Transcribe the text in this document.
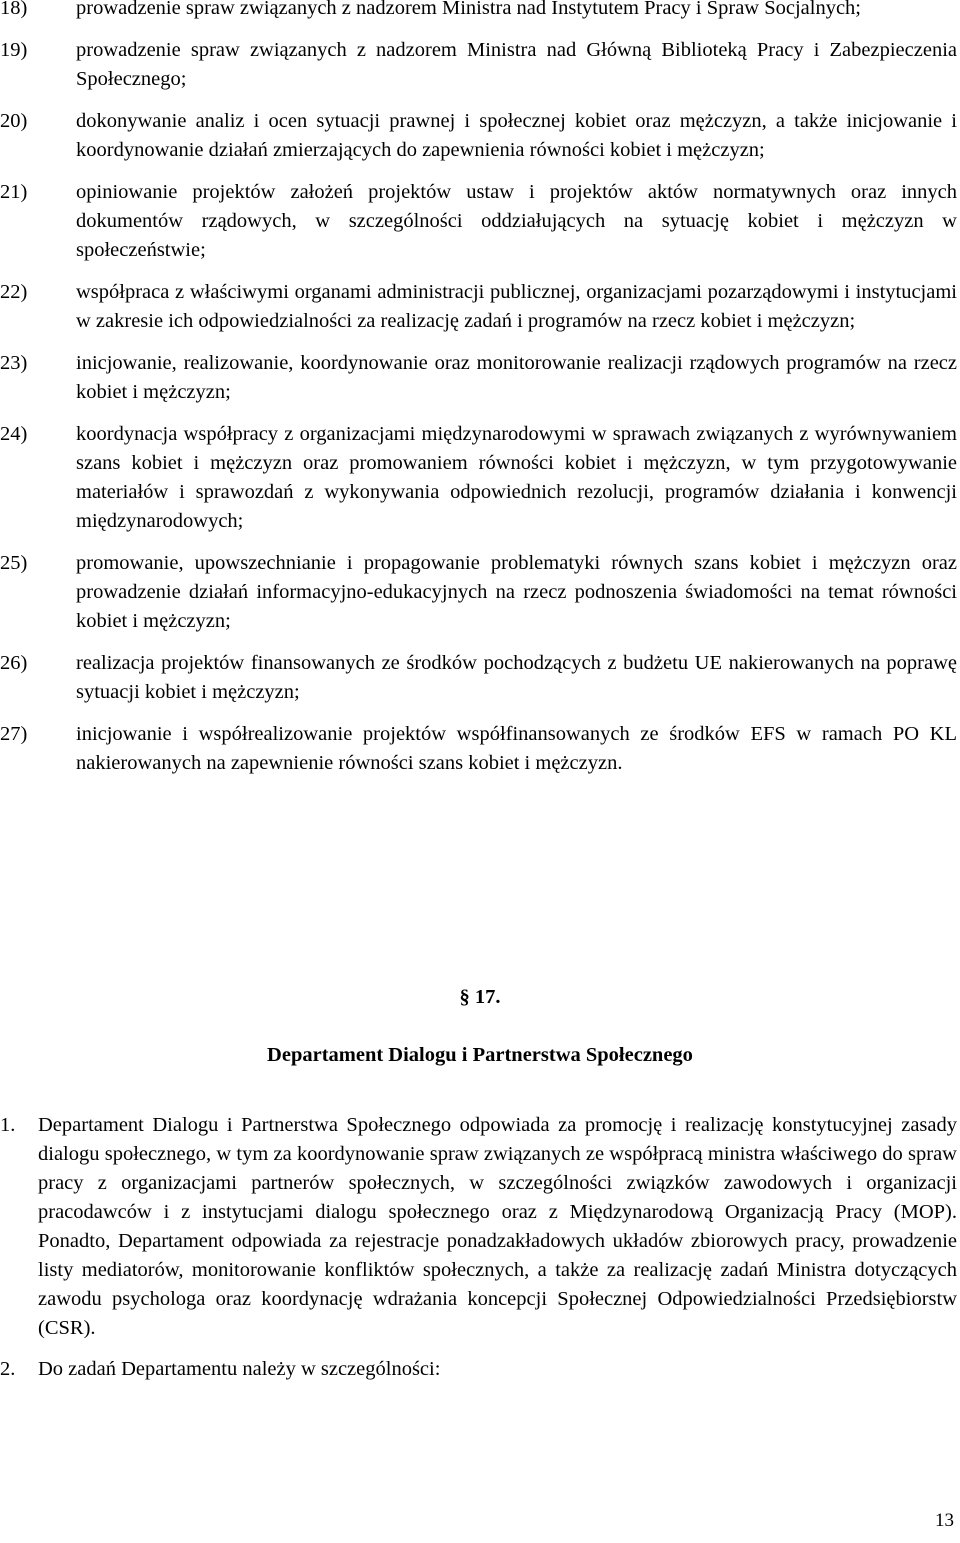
18)	prowadzenie spraw związanych z nadzorem Ministra nad Instytutem Pracy i Spraw Socjalnych;
19)	prowadzenie spraw związanych z nadzorem Ministra nad Główną Biblioteką Pracy i Zabezpieczenia Społecznego;
20)	dokonywanie analiz i ocen sytuacji prawnej i społecznej kobiet oraz mężczyzn, a także inicjowanie i koordynowanie działań zmierzających do zapewnienia równości kobiet i mężczyzn;
21)	opiniowanie projektów założeń projektów ustaw i projektów aktów normatywnych oraz innych dokumentów rządowych, w szczególności oddziałujących na sytuację kobiet i mężczyzn w społeczeństwie;
22)	współpraca z właściwymi organami administracji publicznej, organizacjami pozarządowymi i instytucjami w zakresie ich odpowiedzialności za realizację zadań i programów na rzecz kobiet i mężczyzn;
23)	inicjowanie, realizowanie, koordynowanie oraz monitorowanie realizacji rządowych programów na rzecz kobiet i mężczyzn;
24)	koordynacja współpracy z organizacjami międzynarodowymi w sprawach związanych z wyrównywaniem szans kobiet i mężczyzn oraz promowaniem równości kobiet i mężczyzn, w tym przygotowywanie materiałów i sprawozdań z wykonywania odpowiednich rezolucji, programów działania i konwencji międzynarodowych;
25)	promowanie, upowszechnianie i propagowanie problematyki równych szans kobiet i mężczyzn oraz prowadzenie działań informacyjno-edukacyjnych na rzecz podnoszenia świadomości na temat równości kobiet i mężczyzn;
26)	realizacja projektów finansowanych ze środków pochodzących z budżetu UE nakierowanych na poprawę sytuacji kobiet i mężczyzn;
27)	inicjowanie i współrealizowanie projektów współfinansowanych ze środków EFS w ramach PO KL nakierowanych na zapewnienie równości szans kobiet i mężczyzn.
§ 17.
Departament Dialogu i Partnerstwa Społecznego
1.	Departament Dialogu i Partnerstwa Społecznego odpowiada za promocję i realizację konstytucyjnej zasady dialogu społecznego, w tym za koordynowanie spraw związanych ze współpracą ministra właściwego do spraw pracy z organizacjami partnerów społecznych, w szczególności związków zawodowych i organizacji pracodawców i z instytucjami dialogu społecznego oraz z Międzynarodową Organizacją Pracy (MOP). Ponadto, Departament odpowiada za rejestracje ponadzakładowych układów zbiorowych pracy, prowadzenie listy mediatorów, monitorowanie konfliktów społecznych, a także za realizację zadań Ministra dotyczących zawodu psychologa oraz koordynację wdrażania koncepcji Społecznej Odpowiedzialności Przedsiębiorstw (CSR).
2.	Do zadań Departamentu należy w szczególności:
13
